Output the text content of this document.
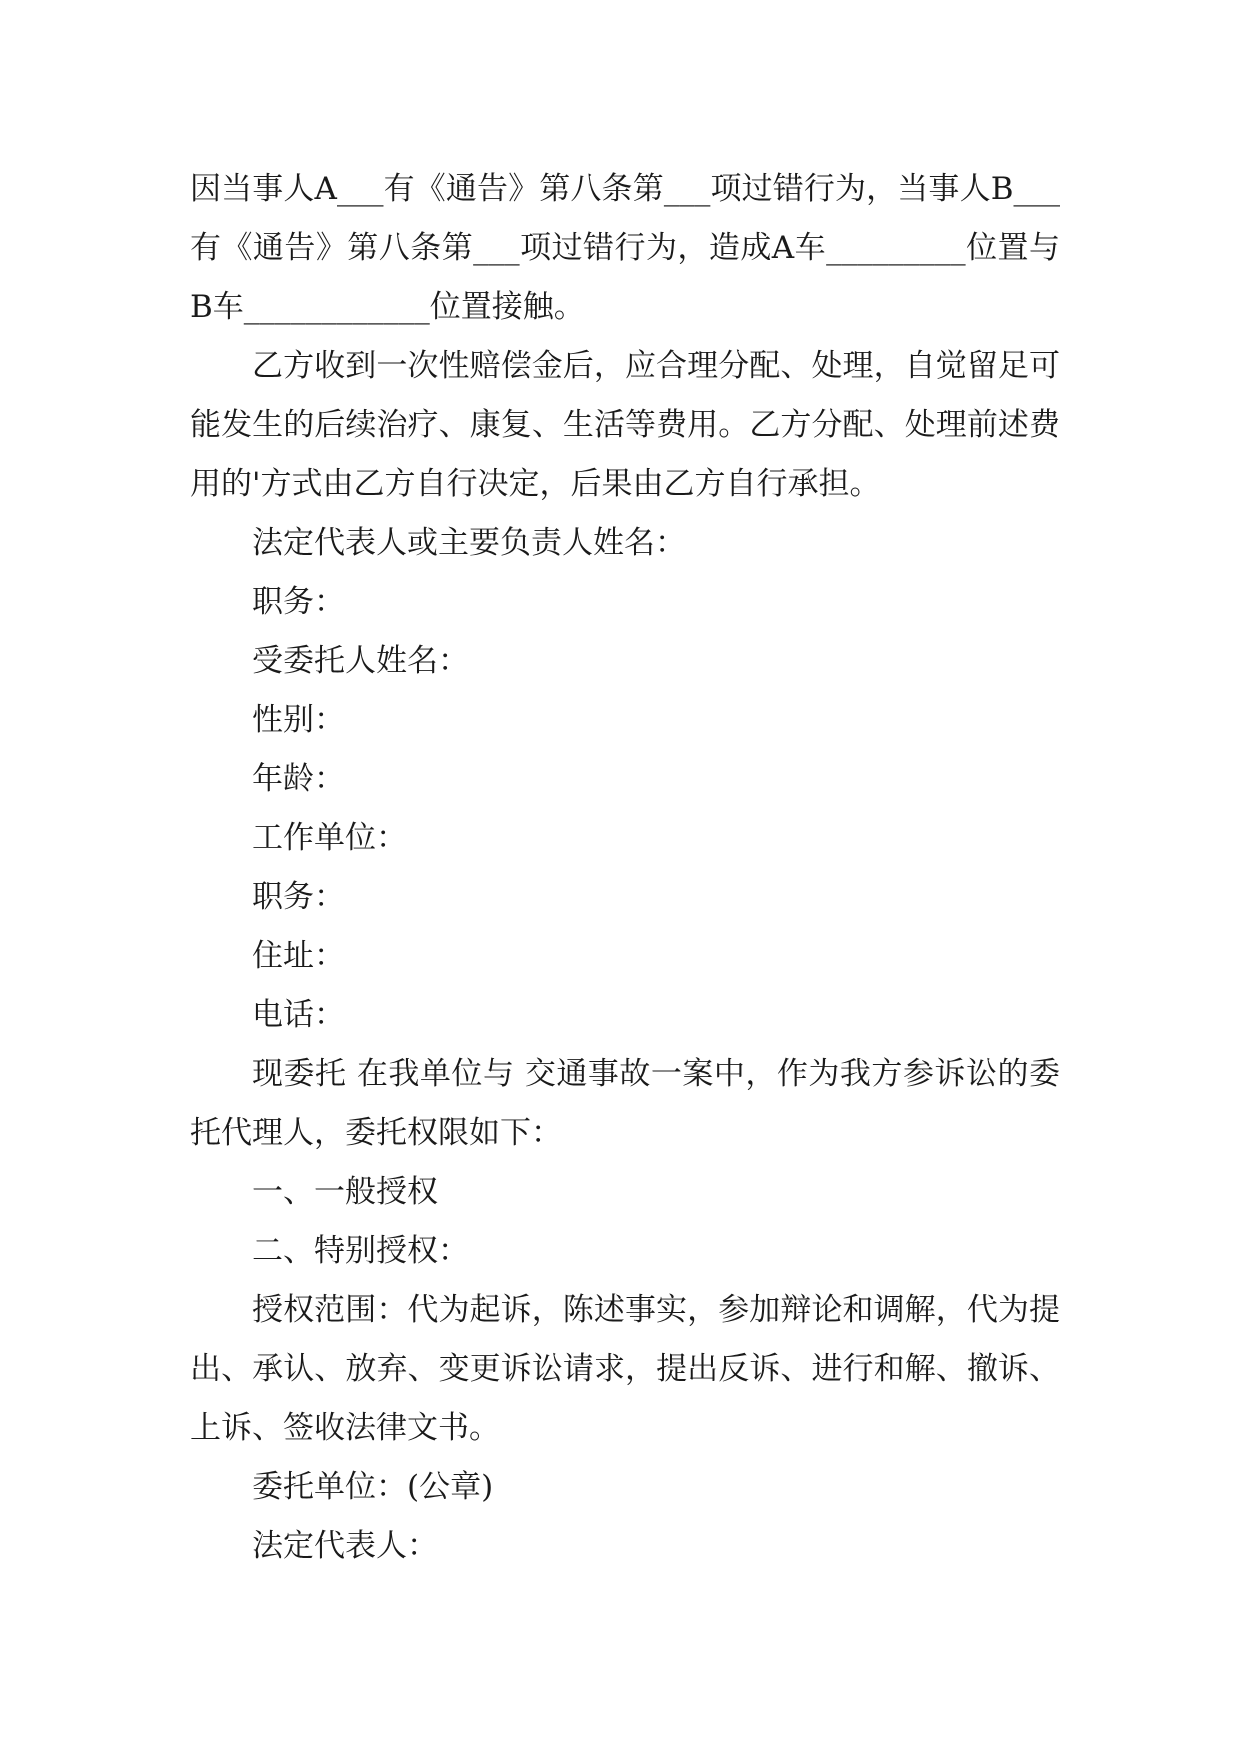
因当事人A___有《通告》第八条第___项过错行为，当事人B___有《通告》第八条第___项过错行为，造成A车_________位置与B车____________位置接触。

乙方收到一次性赔偿金后，应合理分配、处理，自觉留足可能发生的后续治疗、康复、生活等费用。乙方分配、处理前述费用的'方式由乙方自行决定，后果由乙方自行承担。

法定代表人或主要负责人姓名：

职务：

受委托人姓名：

性别：

年龄：

工作单位：

职务：

住址：

电话：

现委托 在我单位与 交通事故一案中，作为我方参诉讼的委托代理人，委托权限如下：

一、一般授权

二、特别授权：

授权范围：代为起诉，陈述事实，参加辩论和调解，代为提出、承认、放弃、变更诉讼请求，提出反诉、进行和解、撤诉、上诉、签收法律文书。

委托单位：(公章)

法定代表人：
